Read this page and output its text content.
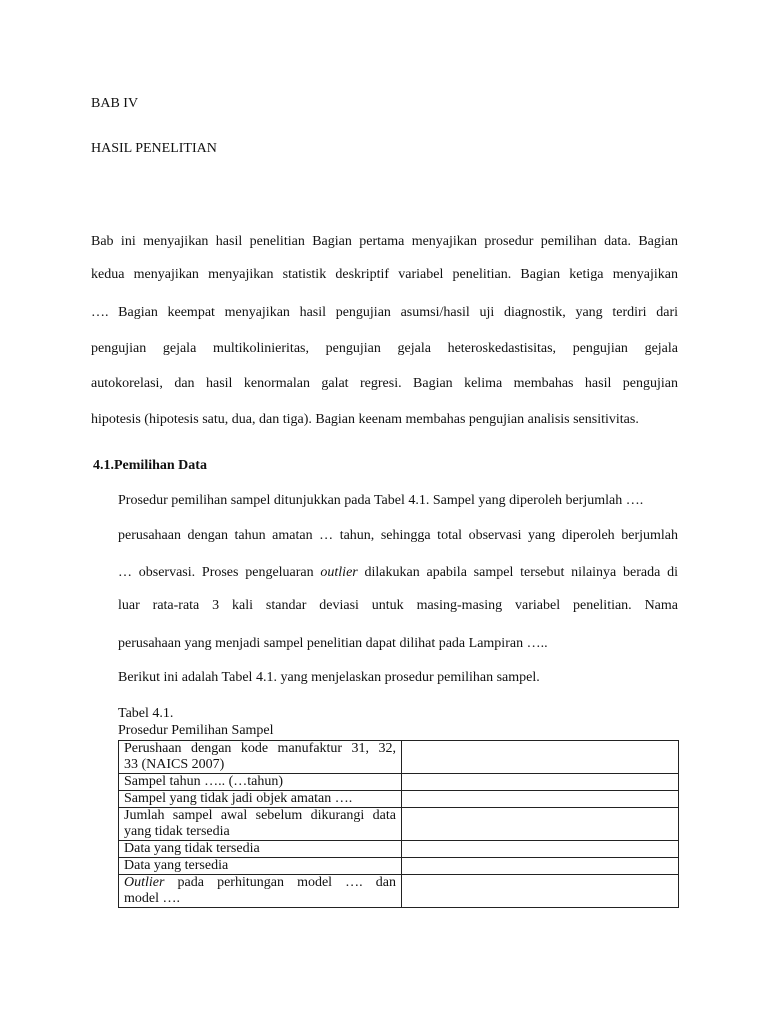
BAB IV
HASIL PENELITIAN
Bab ini menyajikan hasil penelitian Bagian pertama menyajikan prosedur pemilihan data. Bagian
kedua menyajikan menyajikan statistik deskriptif variabel penelitian. Bagian ketiga menyajikan
…. Bagian keempat menyajikan hasil pengujian asumsi/hasil uji diagnostik, yang terdiri dari
pengujian gejala multikolinieritas, pengujian gejala heteroskedastisitas, pengujian gejala
autokorelasi, dan hasil kenormalan galat regresi. Bagian kelima membahas hasil pengujian
hipotesis (hipotesis satu, dua, dan tiga). Bagian keenam membahas pengujian analisis sensitivitas.
4.1.Pemilihan Data
Prosedur pemilihan sampel ditunjukkan pada Tabel 4.1. Sampel yang diperoleh berjumlah ….
perusahaan dengan tahun amatan … tahun, sehingga total observasi yang diperoleh berjumlah
… observasi. Proses pengeluaran outlier dilakukan apabila sampel tersebut nilainya berada di
luar rata-rata 3 kali standar deviasi untuk masing-masing variabel penelitian. Nama
perusahaan yang menjadi sampel penelitian dapat dilihat pada Lampiran …..
Berikut ini adalah Tabel 4.1. yang menjelaskan prosedur pemilihan sampel.
Tabel 4.1.
Prosedur Pemilihan Sampel
Perushaan dengan kode manufaktur 31, 32,
33 (NAICS 2007)	

Sampel tahun ….. (…tahun)	
Sampel yang tidak jadi objek amatan ….	

Jumlah sampel awal sebelum dikurangi data
yang tidak tersedia	

Data yang tidak tersedia	
Data yang tersedia	

Outlier pada perhitungan model …. dan
model ….	
